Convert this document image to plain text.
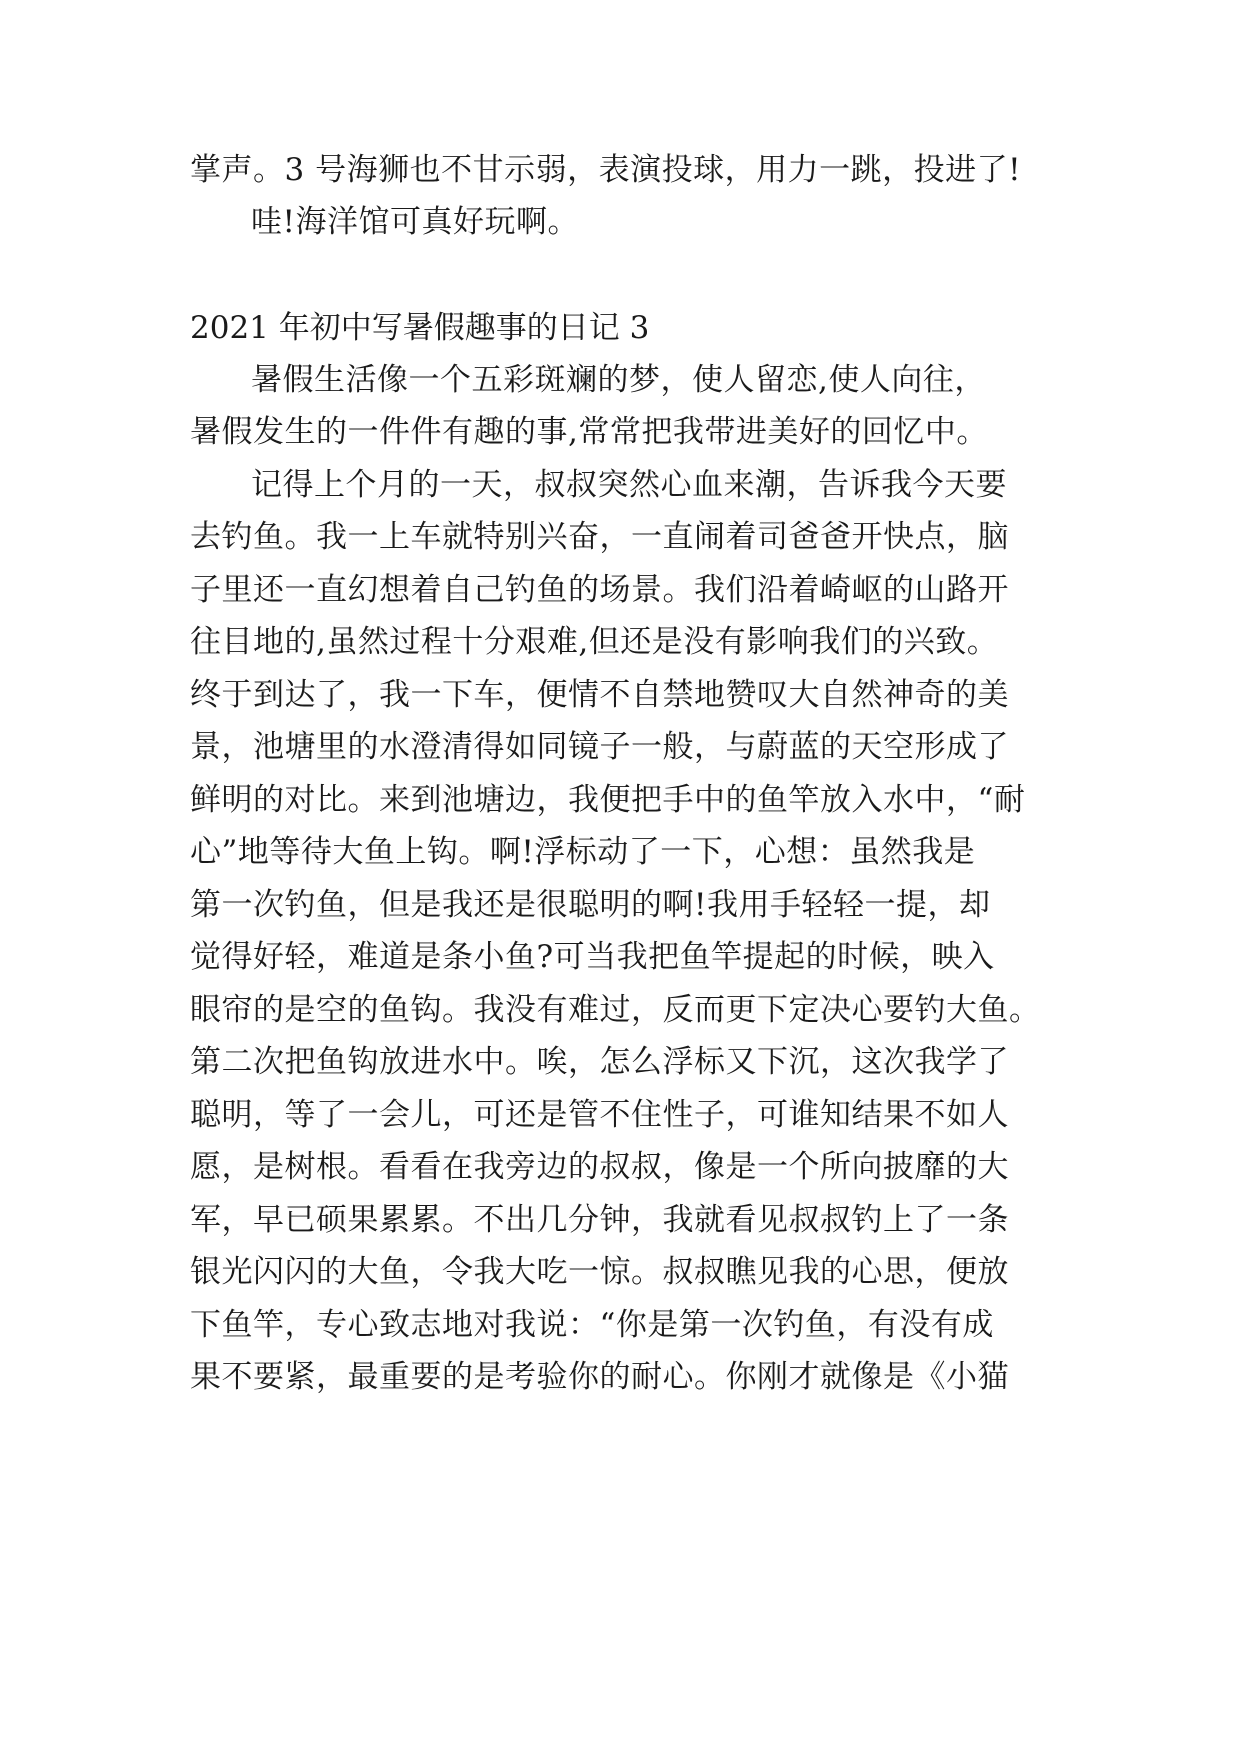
掌声。3 号海狮也不甘示弱，表演投球，用力一跳，投进了!
哇!海洋馆可真好玩啊。
2021 年初中写暑假趣事的日记 3
暑假生活像一个五彩斑斓的梦，使人留恋,使人向往，
暑假发生的一件件有趣的事,常常把我带进美好的回忆中。
记得上个月的一天，叔叔突然心血来潮，告诉我今天要
去钓鱼。我一上车就特别兴奋，一直闹着司爸爸开快点，脑
子里还一直幻想着自己钓鱼的场景。我们沿着崎岖的山路开
往目地的,虽然过程十分艰难,但还是没有影响我们的兴致。
终于到达了，我一下车，便情不自禁地赞叹大自然神奇的美
景，池塘里的水澄清得如同镜子一般，与蔚蓝的天空形成了
鲜明的对比。来到池塘边，我便把手中的鱼竿放入水中，“耐
心”地等待大鱼上钩。啊!浮标动了一下，心想：虽然我是
第一次钓鱼，但是我还是很聪明的啊!我用手轻轻一提，却
觉得好轻，难道是条小鱼?可当我把鱼竿提起的时候，映入
眼帘的是空的鱼钩。我没有难过，反而更下定决心要钓大鱼。
第二次把鱼钩放进水中。唉，怎么浮标又下沉，这次我学了
聪明，等了一会儿，可还是管不住性子，可谁知结果不如人
愿，是树根。看看在我旁边的叔叔，像是一个所向披靡的大
军，早已硕果累累。不出几分钟，我就看见叔叔钓上了一条
银光闪闪的大鱼，令我大吃一惊。叔叔瞧见我的心思，便放
下鱼竿，专心致志地对我说：“你是第一次钓鱼，有没有成
果不要紧，最重要的是考验你的耐心。你刚才就像是《小猫
